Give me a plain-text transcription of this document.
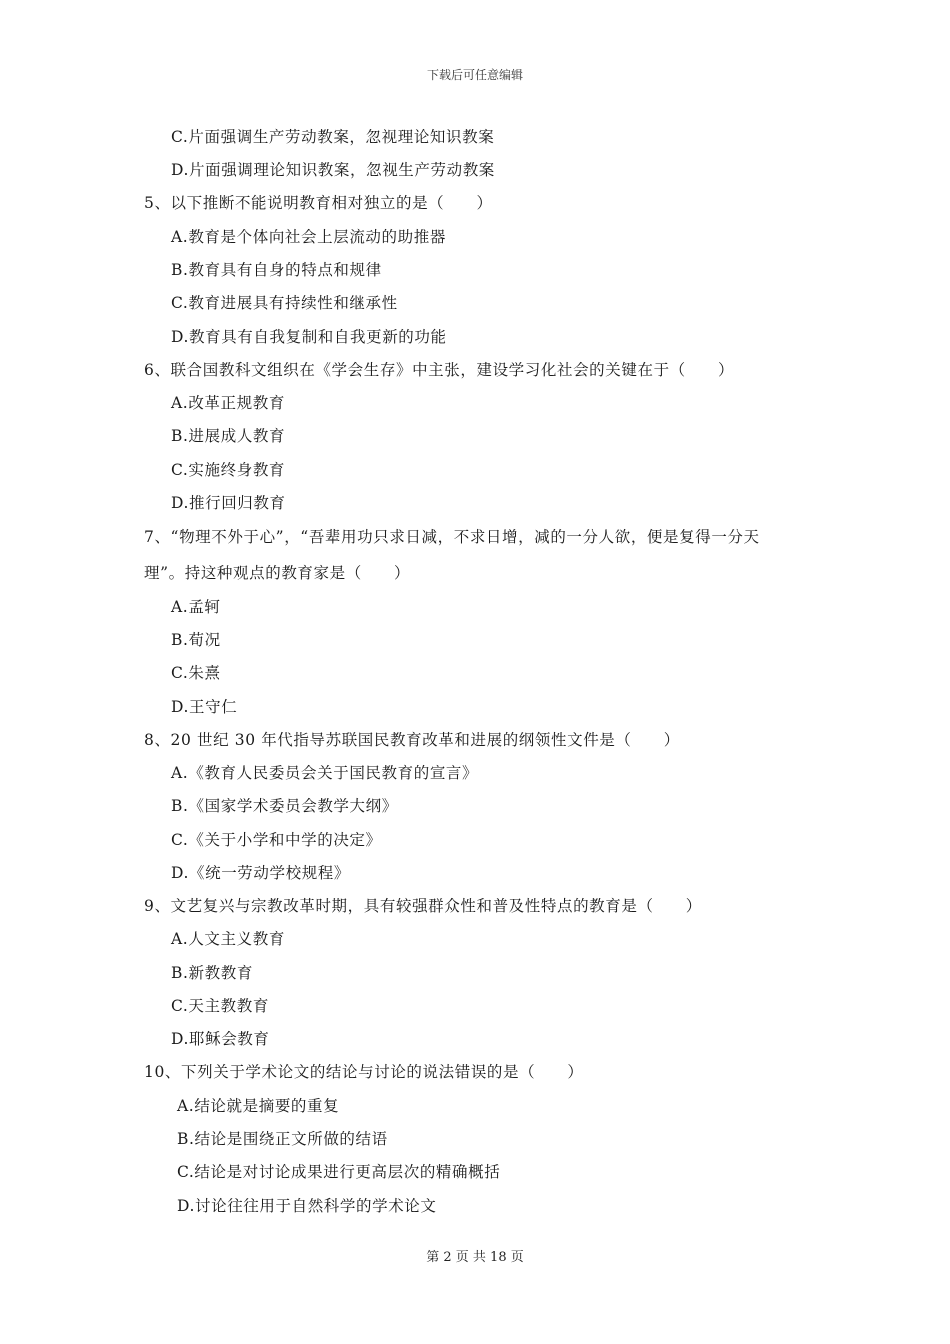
下载后可任意编辑
C.片面强调生产劳动教案，忽视理论知识教案
D.片面强调理论知识教案，忽视生产劳动教案
5、以下推断不能说明教育相对独立的是（　　）
A.教育是个体向社会上层流动的助推器
B.教育具有自身的特点和规律
C.教育进展具有持续性和继承性
D.教育具有自我复制和自我更新的功能
6、联合国教科文组织在《学会生存》中主张，建设学习化社会的关键在于（　　）
A.改革正规教育
B.进展成人教育
C.实施终身教育
D.推行回归教育
7、“物理不外于心”，“吾辈用功只求日减，不求日增，减的一分人欲，便是复得一分天
理”。持这种观点的教育家是（　　）
A.孟轲
B.荀况
C.朱熹
D.王守仁
8、20 世纪 30 年代指导苏联国民教育改革和进展的纲领性文件是（　　）
A.《教育人民委员会关于国民教育的宣言》
B.《国家学术委员会教学大纲》
C.《关于小学和中学的决定》
D.《统一劳动学校规程》
9、文艺复兴与宗教改革时期，具有较强群众性和普及性特点的教育是（　　）
A.人文主义教育
B.新教教育
C.天主教教育
D.耶稣会教育
10、下列关于学术论文的结论与讨论的说法错误的是（　　）
A.结论就是摘要的重复
B.结论是围绕正文所做的结语
C.结论是对讨论成果进行更高层次的精确概括
D.讨论往往用于自然科学的学术论文
第 2 页 共 18 页
